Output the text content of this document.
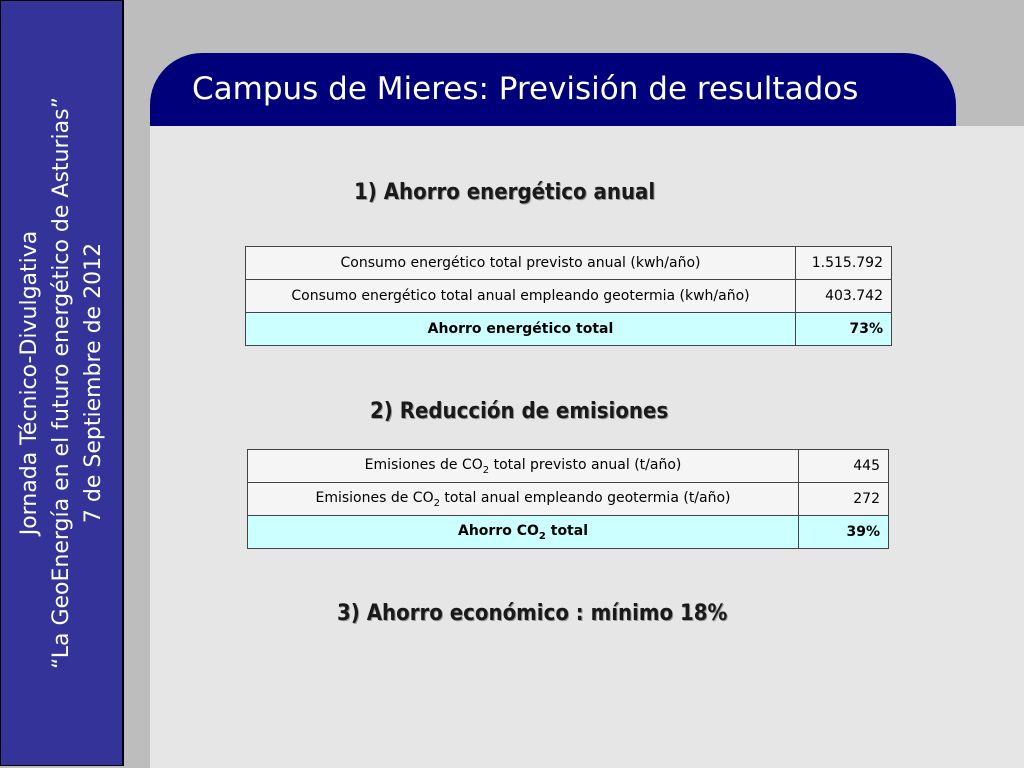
Jornada Técnico-Divulgativa “La GeoEnergía en el futuro energético de Asturias” 7 de Septiembre de 2012
Campus de Mieres: Previsión de resultados
1) Ahorro energético anual
Consumo energético total previsto anual (kwh/año)	1.515.792
Consumo energético total anual empleando geotermia (kwh/año)	403.742
Ahorro energético total	73%
2) Reducción de emisiones
Emisiones de $CO_2$ total previsto anual (t/año)	445
Emisiones de $CO_2$ total anual empleando geotermia (t/año)	272
Ahorro $CO_2$ total	39%
3) Ahorro económico : mínimo 18%
